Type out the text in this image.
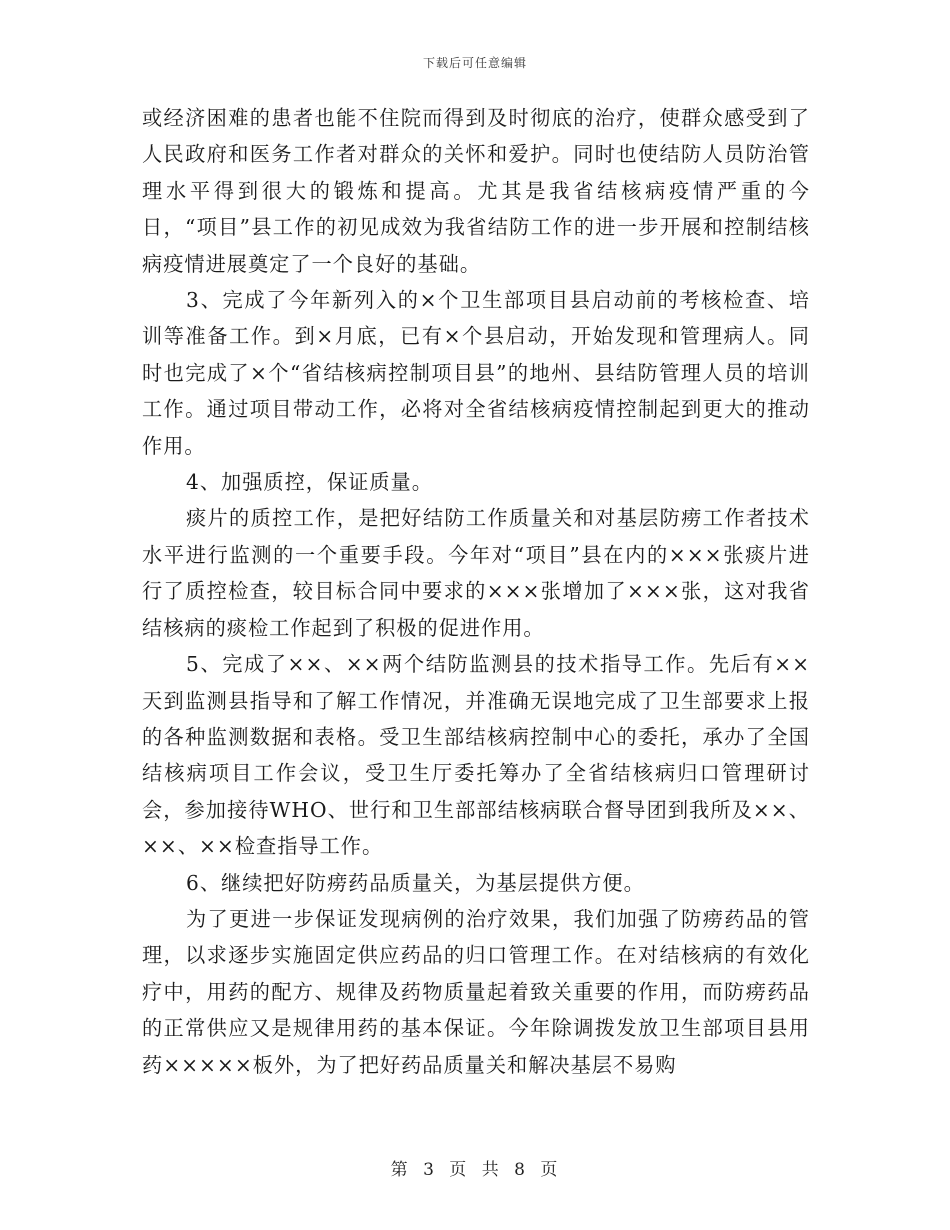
下载后可任意编辑

或经济困难的患者也能不住院而得到及时彻底的治疗，使群众感受到了人民政府和医务工作者对群众的关怀和爱护。同时也使结防人员防治管理水平得到很大的锻炼和提高。尤其是我省结核病疫情严重的今日，“项目”县工作的初见成效为我省结防工作的进一步开展和控制结核病疫情进展奠定了一个良好的基础。

3、完成了今年新列入的×个卫生部项目县启动前的考核检查、培训等准备工作。到×月底，已有×个县启动，开始发现和管理病人。同时也完成了×个“省结核病控制项目县”的地州、县结防管理人员的培训工作。通过项目带动工作，必将对全省结核病疫情控制起到更大的推动作用。

4、加强质控，保证质量。

痰片的质控工作，是把好结防工作质量关和对基层防痨工作者技术水平进行监测的一个重要手段。今年对“项目”县在内的×××张痰片进行了质控检查，较目标合同中要求的×××张增加了×××张，这对我省结核病的痰检工作起到了积极的促进作用。

5、完成了××、××两个结防监测县的技术指导工作。先后有××天到监测县指导和了解工作情况，并准确无误地完成了卫生部要求上报的各种监测数据和表格。受卫生部结核病控制中心的委托，承办了全国结核病项目工作会议，受卫生厅委托筹办了全省结核病归口管理研讨会，参加接待WHO、世行和卫生部部结核病联合督导团到我所及××、××、××检查指导工作。

6、继续把好防痨药品质量关，为基层提供方便。

为了更进一步保证发现病例的治疗效果，我们加强了防痨药品的管理，以求逐步实施固定供应药品的归口管理工作。在对结核病的有效化疗中，用药的配方、规律及药物质量起着致关重要的作用，而防痨药品的正常供应又是规律用药的基本保证。今年除调拨发放卫生部项目县用药×××××板外，为了把好药品质量关和解决基层不易购

第 3 页 共 8 页
